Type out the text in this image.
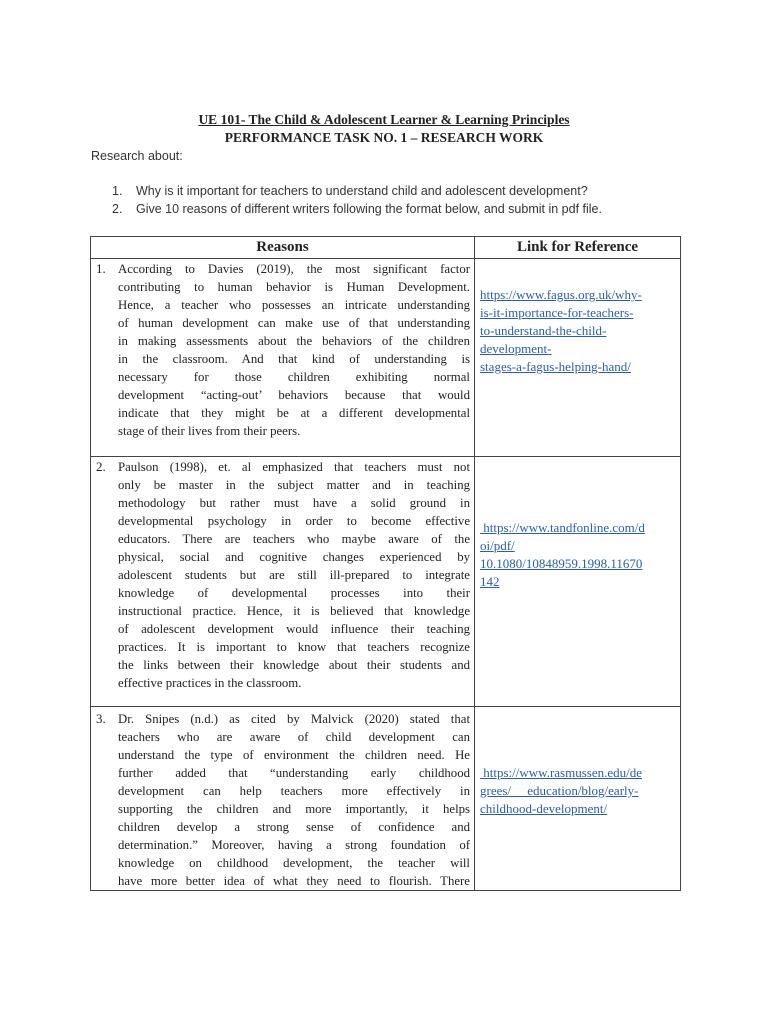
UE 101- The Child & Adolescent Learner & Learning Principles
PERFORMANCE TASK NO. 1 – RESEARCH WORK
Research about:
1. Why is it important for teachers to understand child and adolescent development?
2. Give 10 reasons of different writers following the format below, and submit in pdf file.
Reasons	Link for Reference
1. According to Davies (2019), the most significant factor
contributing to human behavior is Human Development.
Hence, a teacher who possesses an intricate understanding
of human development can make use of that understanding
in making assessments about the behaviors of the children
in the classroom. And that kind of understanding is
necessary for those children exhibiting normal
development “acting-out’ behaviors because that would
indicate that they might be at a different developmental
stage of their lives from their peers.
https://www.fagus.org.uk/why-
is-it-importance-for-teachers-
to-understand-the-child-
development-
stages-a-fagus-helping-hand/
2. Paulson (1998), et. al emphasized that teachers must not
only be master in the subject matter and in teaching
methodology but rather must have a solid ground in
developmental psychology in order to become effective
educators. There are teachers who maybe aware of the
physical, social and cognitive changes experienced by
adolescent students but are still ill-prepared to integrate
knowledge of developmental processes into their
instructional practice. Hence, it is believed that knowledge
of adolescent development would influence their teaching
practices. It is important to know that teachers recognize
the links between their knowledge about their students and
effective practices in the classroom.
https://www.tandfonline.com/d
oi/pdf/
10.1080/10848959.1998.11670
142
3. Dr. Snipes (n.d.) as cited by Malvick (2020) stated that
teachers who are aware of child development can
understand the type of environment the children need. He
further added that “understanding early childhood
development can help teachers more effectively in
supporting the children and more importantly, it helps
children develop a strong sense of confidence and
determination.” Moreover, having a strong foundation of
knowledge on childhood development, the teacher will
have more better idea of what they need to flourish. There
https://www.rasmussen.edu/de
grees/     education/blog/early-
childhood-development/
